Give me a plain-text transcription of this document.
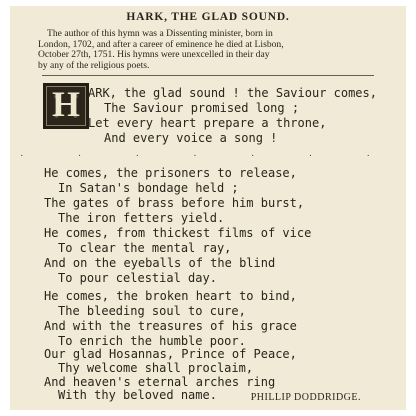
HARK, THE GLAD SOUND.
The author of this hymn was a Dissenting minister, born in
London, 1702, and after a career of eminence he died at Lisbon,
October 27th, 1751. His hymns were unexcelled in their day
by any of the religious poets.
H ARK, the glad sound ! the Saviour comes,
The Saviour promised long ;
Let every heart prepare a throne,
And every voice a song !
. . . . . . .
He comes, the prisoners to release,
In Satan's bondage held ;
The gates of brass before him burst,
The iron fetters yield.
He comes, from thickest films of vice
To clear the mental ray,
And on the eyeballs of the blind
To pour celestial day.
He comes, the broken heart to bind,
The bleeding soul to cure,
And with the treasures of his grace
To enrich the humble poor.
Our glad Hosannas, Prince of Peace,
Thy welcome shall proclaim,
And heaven's eternal arches ring
With thy beloved name.	PHILLIP DODDRIDGE.
